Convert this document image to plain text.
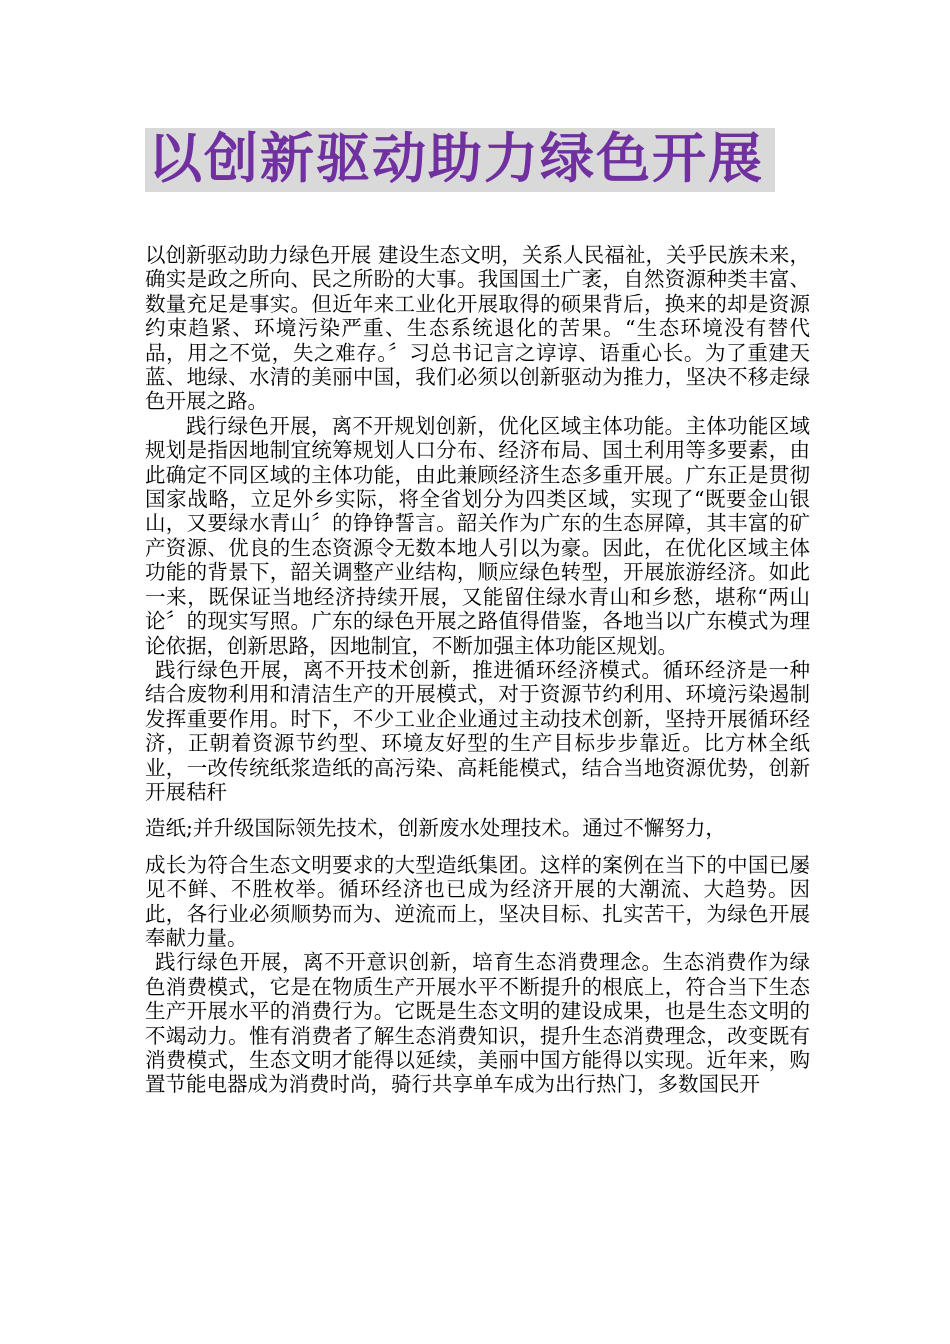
以创新驱动助力绿色开展

以创新驱动助力绿色开展 建设生态文明，关系人民福祉，关乎民族未来，确实是政之所向、民之所盼的大事。我国国土广袤，自然资源种类丰富、数量充足是事实。但近年来工业化开展取得的硕果背后，换来的却是资源约束趋紧、环境污染严重、生态系统退化的苦果。“生态环境没有替代品，用之不觉，失之难存。〞习总书记言之谆谆、语重心长。为了重建天蓝、地绿、水清的美丽中国，我们必须以创新驱动为推力，坚决不移走绿色开展之路。

践行绿色开展，离不开规划创新，优化区域主体功能。主体功能区域规划是指因地制宜统筹规划人口分布、经济布局、国土利用等多要素，由此确定不同区域的主体功能，由此兼顾经济生态多重开展。广东正是贯彻国家战略，立足外乡实际，将全省划分为四类区域，实现了“既要金山银山，又要绿水青山〞的铮铮誓言。韶关作为广东的生态屏障，其丰富的矿产资源、优良的生态资源令无数本地人引以为豪。因此，在优化区域主体功能的背景下，韶关调整产业结构，顺应绿色转型，开展旅游经济。如此一来，既保证当地经济持续开展，又能留住绿水青山和乡愁，堪称“两山论〞的现实写照。广东的绿色开展之路值得借鉴，各地当以广东模式为理论依据，创新思路，因地制宜，不断加强主体功能区规划。

践行绿色开展，离不开技术创新，推进循环经济模式。循环经济是一种结合废物利用和清洁生产的开展模式，对于资源节约利用、环境污染遏制发挥重要作用。时下，不少工业企业通过主动技术创新，坚持开展循环经济，正朝着资源节约型、环境友好型的生产目标步步靠近。比方林全纸业，一改传统纸浆造纸的高污染、高耗能模式，结合当地资源优势，创新开展秸秆

造纸;并升级国际领先技术，创新废水处理技术。通过不懈努力，

成长为符合生态文明要求的大型造纸集团。这样的案例在当下的中国已屡见不鲜、不胜枚举。循环经济也已成为经济开展的大潮流、大趋势。因此，各行业必须顺势而为、逆流而上，坚决目标、扎实苦干，为绿色开展奉献力量。

践行绿色开展，离不开意识创新，培育生态消费理念。生态消费作为绿色消费模式，它是在物质生产开展水平不断提升的根底上，符合当下生态生产开展水平的消费行为。它既是生态文明的建设成果，也是生态文明的不竭动力。惟有消费者了解生态消费知识，提升生态消费理念，改变既有消费模式，生态文明才能得以延续，美丽中国方能得以实现。近年来，购置节能电器成为消费时尚，骑行共享单车成为出行热门，多数国民开
